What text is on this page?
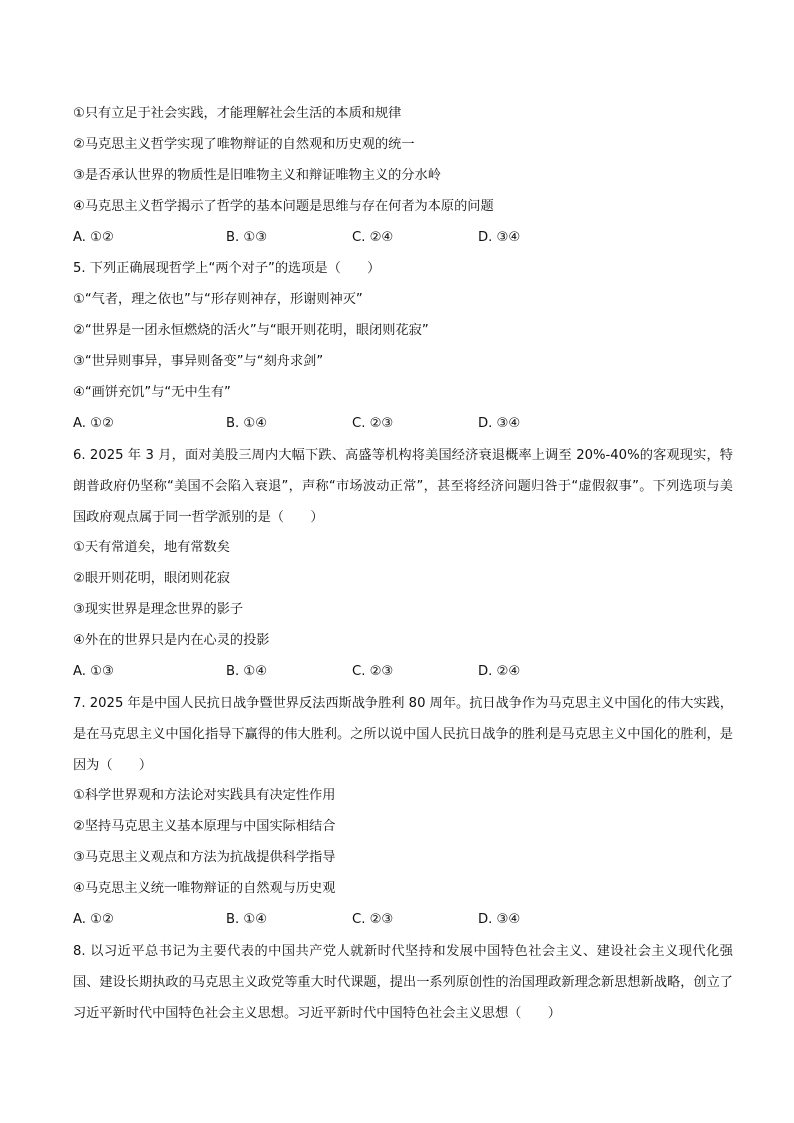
①只有立足于社会实践，才能理解社会生活的本质和规律
②马克思主义哲学实现了唯物辩证的自然观和历史观的统一
③是否承认世界的物质性是旧唯物主义和辩证唯物主义的分水岭
④马克思主义哲学揭示了哲学的基本问题是思维与存在何者为本原的问题
A. ①②	B. ①③	C. ②④	D. ③④
5. 下列正确展现哲学上“两个对子”的选项是（　　）
①“气者，理之依也”与“形存则神存，形谢则神灭”
②“世界是一团永恒燃烧的活火”与“眼开则花明，眼闭则花寂”
③“世异则事异，事异则备变”与“刻舟求剑”
④“画饼充饥”与“无中生有”
A. ①②	B. ①④	C. ②③	D. ③④
6. 2025 年 3 月，面对美股三周内大幅下跌、高盛等机构将美国经济衰退概率上调至 20%-40%的客观现实，特朗普政府仍坚称“美国不会陷入衰退”，声称“市场波动正常”，甚至将经济问题归咎于“虚假叙事”。下列选项与美国政府观点属于同一哲学派别的是（　　）
①天有常道矣，地有常数矣
②眼开则花明，眼闭则花寂
③现实世界是理念世界的影子
④外在的世界只是内在心灵的投影
A. ①③	B. ①④	C. ②③	D. ②④
7. 2025 年是中国人民抗日战争暨世界反法西斯战争胜利 80 周年。抗日战争作为马克思主义中国化的伟大实践，是在马克思主义中国化指导下赢得的伟大胜利。之所以说中国人民抗日战争的胜利是马克思主义中国化的胜利，是因为（　　）
①科学世界观和方法论对实践具有决定性作用
②坚持马克思主义基本原理与中国实际相结合
③马克思主义观点和方法为抗战提供科学指导
④马克思主义统一唯物辩证的自然观与历史观
A. ①②	B. ①④	C. ②③	D. ③④
8. 以习近平总书记为主要代表的中国共产党人就新时代坚持和发展中国特色社会主义、建设社会主义现代化强国、建设长期执政的马克思主义政党等重大时代课题，提出一系列原创性的治国理政新理念新思想新战略，创立了习近平新时代中国特色社会主义思想。习近平新时代中国特色社会主义思想（　　）
